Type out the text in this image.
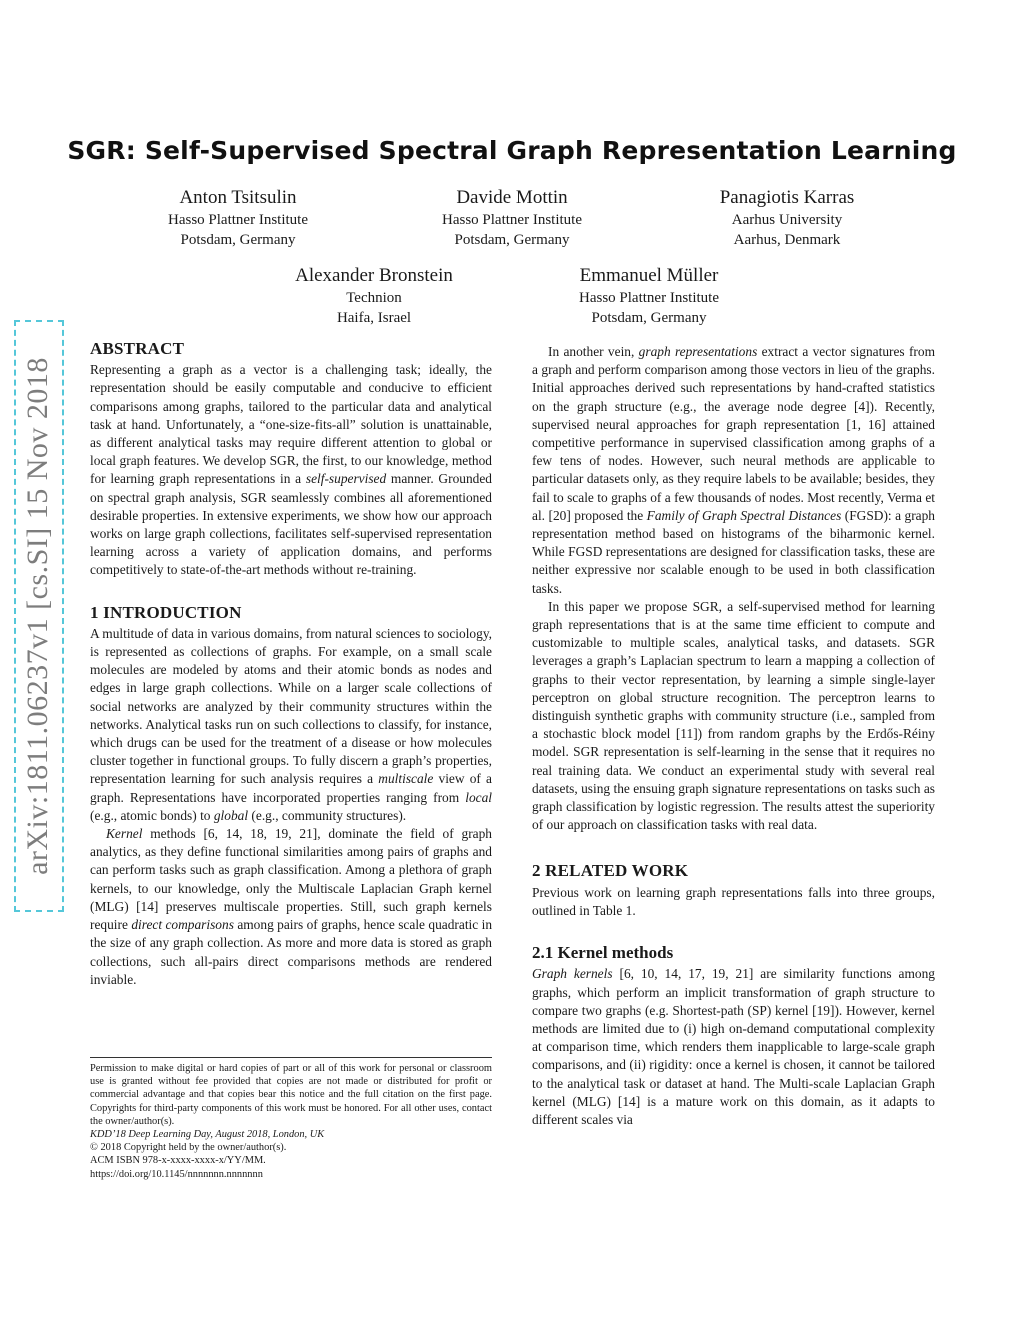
arXiv:1811.06237v1 [cs.SI] 15 Nov 2018
SGR: Self-Supervised Spectral Graph Representation Learning
Anton Tsitsulin
Hasso Plattner Institute
Potsdam, Germany
Davide Mottin
Hasso Plattner Institute
Potsdam, Germany
Panagiotis Karras
Aarhus University
Aarhus, Denmark
Alexander Bronstein
Technion
Haifa, Israel
Emmanuel Müller
Hasso Plattner Institute
Potsdam, Germany
ABSTRACT

Representing a graph as a vector is a challenging task; ideally, the representation should be easily computable and conducive to efficient comparisons among graphs, tailored to the particular data and analytical task at hand. Unfortunately, a “one-size-fits-all” solution is unattainable, as different analytical tasks may require different attention to global or local graph features. We develop SGR, the first, to our knowledge, method for learning graph representations in a self-supervised manner. Grounded on spectral graph analysis, SGR seamlessly combines all aforementioned desirable properties. In extensive experiments, we show how our approach works on large graph collections, facilitates self-supervised representation learning across a variety of application domains, and performs competitively to state-of-the-art methods without re-training.

1 INTRODUCTION

A multitude of data in various domains, from natural sciences to sociology, is represented as collections of graphs. For example, on a small scale molecules are modeled by atoms and their atomic bonds as nodes and edges in large graph collections. While on a larger scale collections of social networks are analyzed by their community structures within the networks. Analytical tasks run on such collections to classify, for instance, which drugs can be used for the treatment of a disease or how molecules cluster together in functional groups. To fully discern a graph’s properties, representation learning for such analysis requires a multiscale view of a graph. Representations have incorporated properties ranging from local (e.g., atomic bonds) to global (e.g., community structures).

Kernel methods [6, 14, 18, 19, 21], dominate the field of graph analytics, as they define functional similarities among pairs of graphs and can perform tasks such as graph classification. Among a plethora of graph kernels, to our knowledge, only the Multiscale Laplacian Graph kernel (MLG) [14] preserves multiscale properties. Still, such graph kernels require direct comparisons among pairs of graphs, hence scale quadratic in the size of any graph collection. As more and more data is stored as graph collections, such all-pairs direct comparisons methods are rendered inviable.

Permission to make digital or hard copies of part or all of this work for personal or classroom use is granted without fee provided that copies are not made or distributed for profit or commercial advantage and that copies bear this notice and the full citation on the first page. Copyrights for third-party components of this work must be honored. For all other uses, contact the owner/author(s).

KDD’18 Deep Learning Day, August 2018, London, UK

© 2018 Copyright held by the owner/author(s).

ACM ISBN 978-x-xxxx-xxxx-x/YY/MM.

https://doi.org/10.1145/nnnnnnn.nnnnnnn

In another vein, graph representations extract a vector signatures from a graph and perform comparison among those vectors in lieu of the graphs. Initial approaches derived such representations by hand-crafted statistics on the graph structure (e.g., the average node degree [4]). Recently, supervised neural approaches for graph representation [1, 16] attained competitive performance in supervised classification among graphs of a few tens of nodes. However, such neural methods are applicable to particular datasets only, as they require labels to be available; besides, they fail to scale to graphs of a few thousands of nodes. Most recently, Verma et al. [20] proposed the Family of Graph Spectral Distances (FGSD): a graph representation method based on histograms of the biharmonic kernel. While FGSD representations are designed for classification tasks, these are neither expressive nor scalable enough to be used in both classification tasks.

In this paper we propose SGR, a self-supervised method for learning graph representations that is at the same time efficient to compute and customizable to multiple scales, analytical tasks, and datasets. SGR leverages a graph’s Laplacian spectrum to learn a mapping a collection of graphs to their vector representation, by learning a simple single-layer perceptron on global structure recognition. The perceptron learns to distinguish synthetic graphs with community structure (i.e., sampled from a stochastic block model [11]) from random graphs by the Erdős-Réiny model. SGR representation is self-learning in the sense that it requires no real training data. We conduct an experimental study with several real datasets, using the ensuing graph signature representations on tasks such as graph classification by logistic regression. The results attest the superiority of our approach on classification tasks with real data.

2 RELATED WORK

Previous work on learning graph representations falls into three groups, outlined in Table 1.

2.1 Kernel methods

Graph kernels [6, 10, 14, 17, 19, 21] are similarity functions among graphs, which perform an implicit transformation of graph structure to compare two graphs (e.g. Shortest-path (SP) kernel [19]). However, kernel methods are limited due to (i) high on-demand computational complexity at comparison time, which renders them inapplicable to large-scale graph comparisons, and (ii) rigidity: once a kernel is chosen, it cannot be tailored to the analytical task or dataset at hand. The Multi-scale Laplacian Graph kernel (MLG) [14] is a mature work on this domain, as it adapts to different scales via
